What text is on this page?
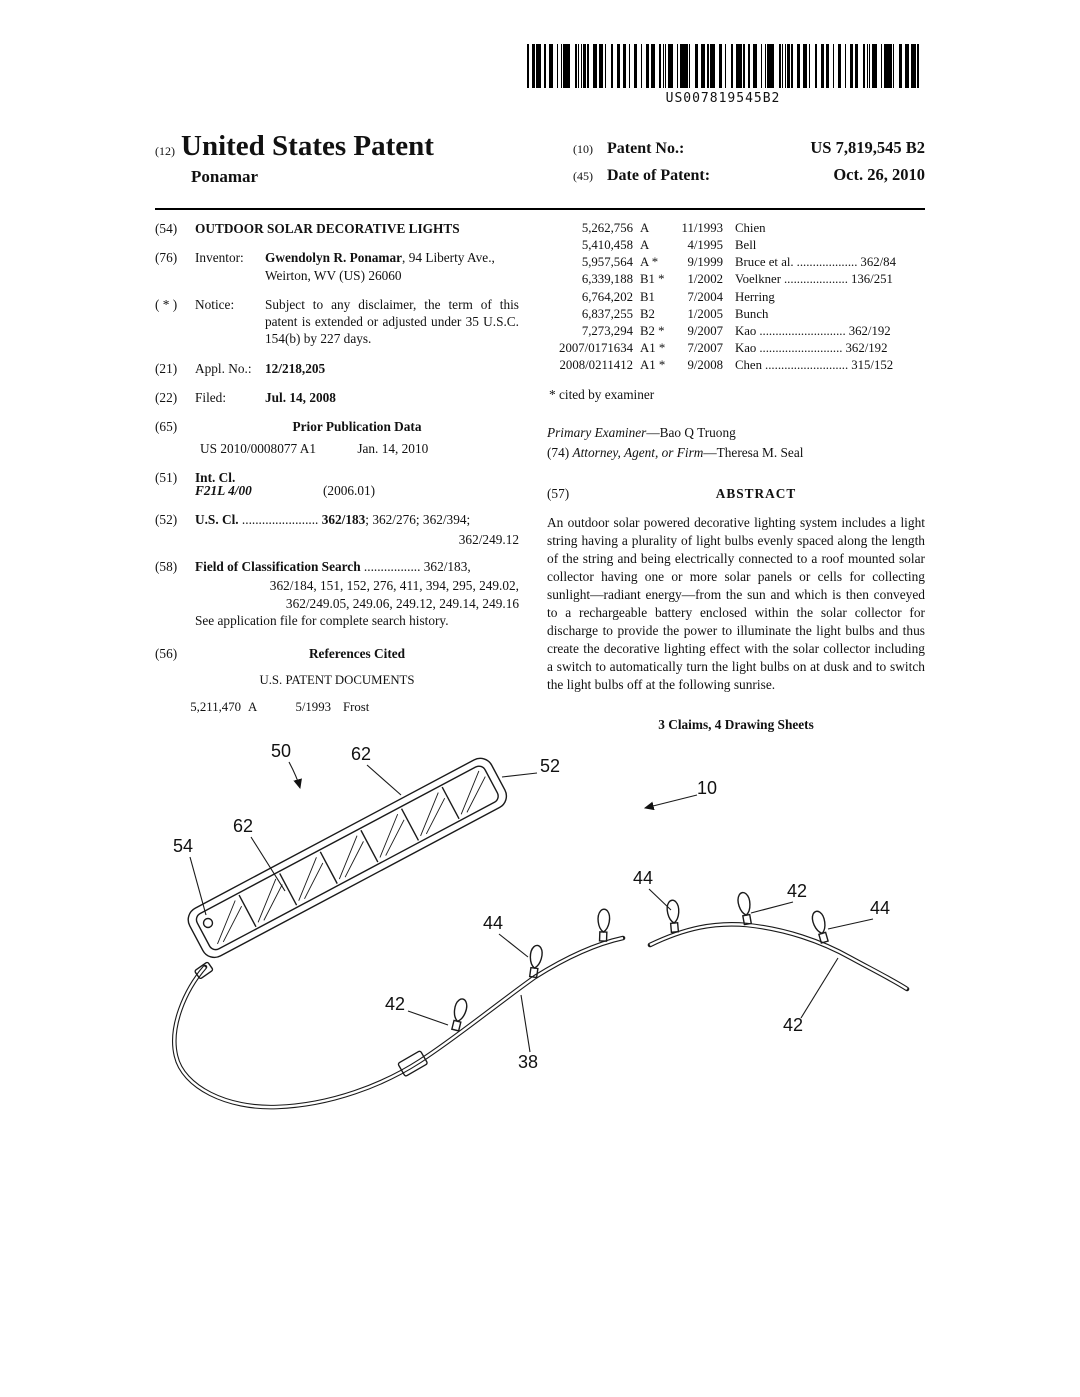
US007819545B2
(12) United States Patent
Ponamar
(10) Patent No.:	US 7,819,545 B2
(45) Date of Patent:	Oct. 26, 2010
(54)	OUTDOOR SOLAR DECORATIVE LIGHTS
(76)	Inventor:	Gwendolyn R. Ponamar, 94 Liberty Ave., Weirton, WV (US) 26060
( * )	Notice:	Subject to any disclaimer, the term of this patent is extended or adjusted under 35 U.S.C. 154(b) by 227 days.
(21)	Appl. No.:	12/218,205
(22)	Filed:	Jul. 14, 2008
(65)	Prior Publication Data
US 2010/0008077 A1	Jan. 14, 2010
(51)	Int. Cl.
F21L 4/00	(2006.01)
(52)	U.S. Cl. ....................... 362/183; 362/276; 362/394;
362/249.12
(58)	Field of Classification Search ................. 362/183,
362/184, 151, 152, 276, 411, 394, 295, 249.02,
362/249.05, 249.06, 249.12, 249.14, 249.16
See application file for complete search history.
(56)	References Cited
U.S. PATENT DOCUMENTS
5,211,470 A	5/1993 Frost
5,262,756 A	11/1993 Chien
5,410,458 A	4/1995 Bell
5,957,564 A *	9/1999 Bruce et al. ................... 362/84
6,339,188 B1 *	1/2002 Voelkner .................... 136/251
6,764,202 B1	7/2004 Herring
6,837,255 B2	1/2005 Bunch
7,273,294 B2 *	9/2007 Kao ........................... 362/192
2007/0171634 A1 *	7/2007 Kao .......................... 362/192
2008/0211412 A1 *	9/2008 Chen .......................... 315/152
* cited by examiner
Primary Examiner—Bao Q Truong
(74) Attorney, Agent, or Firm—Theresa M. Seal
(57)	ABSTRACT
An outdoor solar powered decorative lighting system includes a light string having a plurality of light bulbs evenly spaced along the length of the string and being electrically connected to a roof mounted solar collector having one or more solar panels or cells for collecting sunlight—radiant energy—from the sun and which is then conveyed to a rechargeable battery enclosed within the solar collector for discharge to provide the power to illuminate the light bulbs and thus create the decorative lighting effect with the solar collector including a switch to automatically turn the light bulbs on at dusk and to switch the light bulbs off at the following sunrise.
3 Claims, 4 Drawing Sheets
50	62
52
62
54
10
44
44
42
44
42
42
38
